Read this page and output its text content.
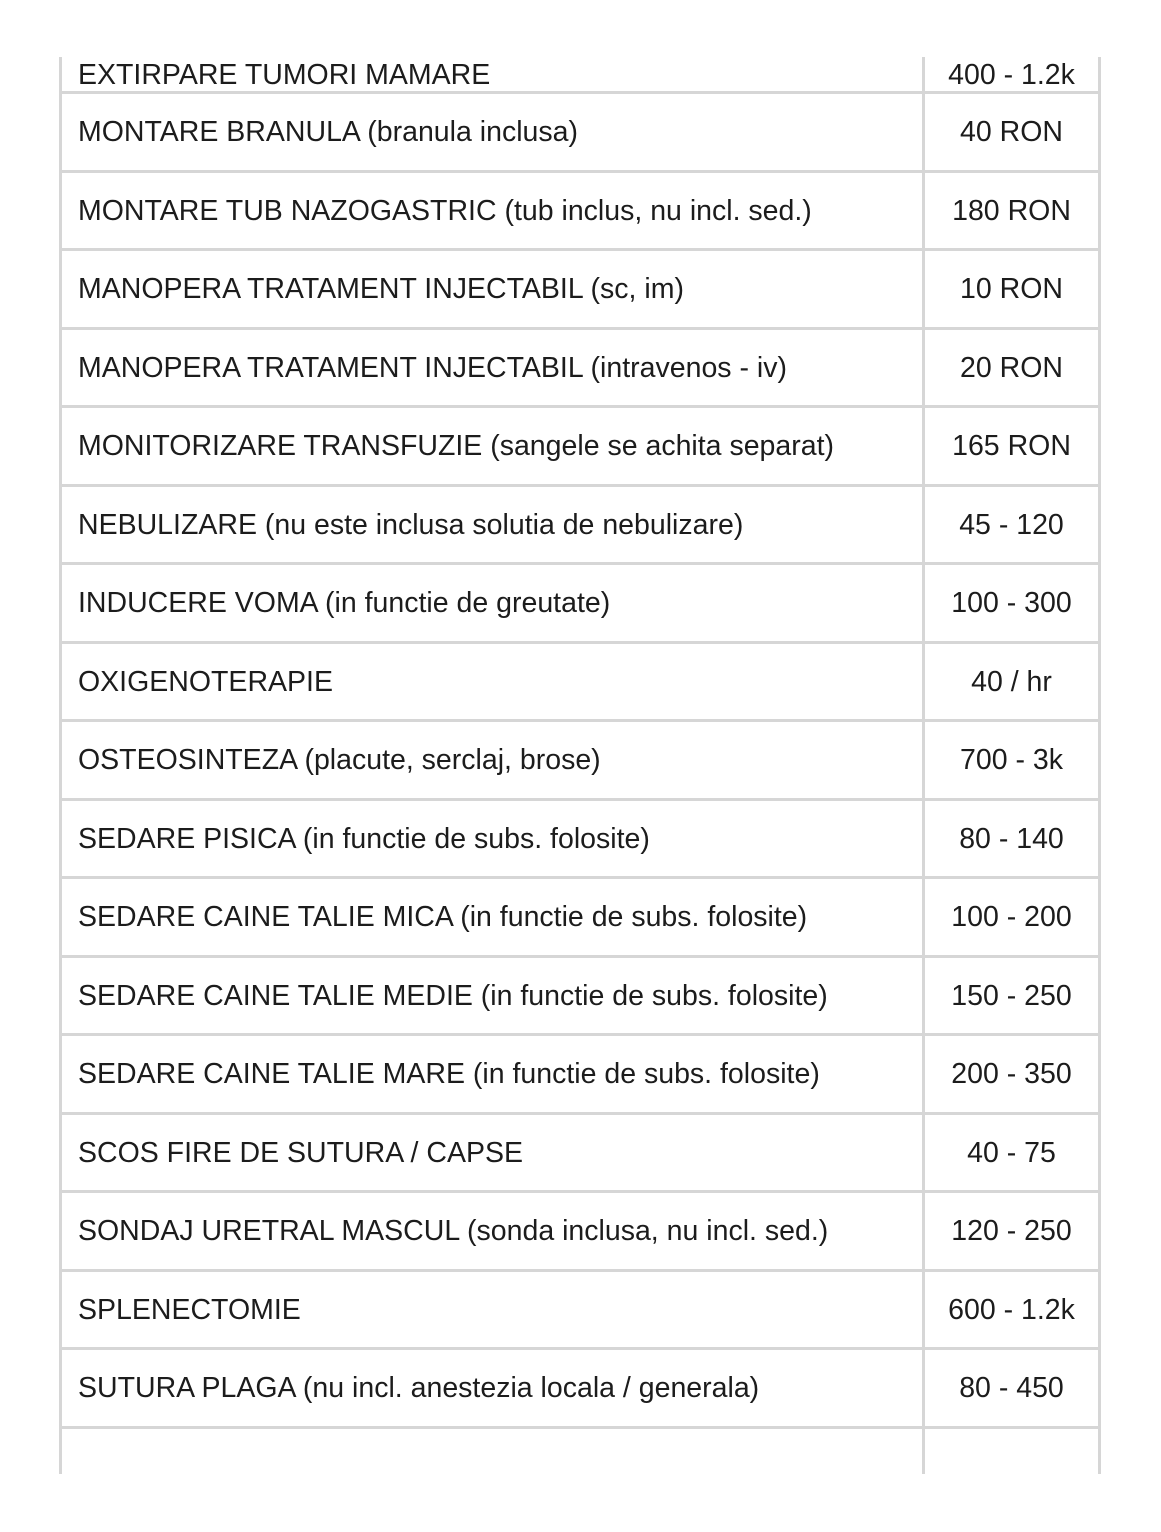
EXTIRPARE TUMORI MAMARE	400 - 1.2k
MONTARE BRANULA (branula inclusa)	40 RON
MONTARE TUB NAZOGASTRIC (tub inclus, nu incl. sed.)	180 RON
MANOPERA TRATAMENT INJECTABIL (sc, im)	10 RON
MANOPERA TRATAMENT INJECTABIL (intravenos - iv)	20 RON
MONITORIZARE TRANSFUZIE (sangele se achita separat)	165 RON
NEBULIZARE (nu este inclusa solutia de nebulizare)	45 - 120
INDUCERE VOMA (in functie de greutate)	100 - 300
OXIGENOTERAPIE	40 / hr
OSTEOSINTEZA (placute, serclaj, brose)	700 - 3k
SEDARE PISICA (in functie de subs. folosite)	80 - 140
SEDARE CAINE TALIE MICA (in functie de subs. folosite)	100 - 200
SEDARE CAINE TALIE MEDIE (in functie de subs. folosite)	150 - 250
SEDARE CAINE TALIE MARE (in functie de subs. folosite)	200 - 350
SCOS FIRE DE SUTURA / CAPSE	40 - 75
SONDAJ URETRAL MASCUL (sonda inclusa, nu incl. sed.)	120 - 250
SPLENECTOMIE	600 - 1.2k
SUTURA PLAGA (nu incl. anestezia locala / generala)	80 - 450
